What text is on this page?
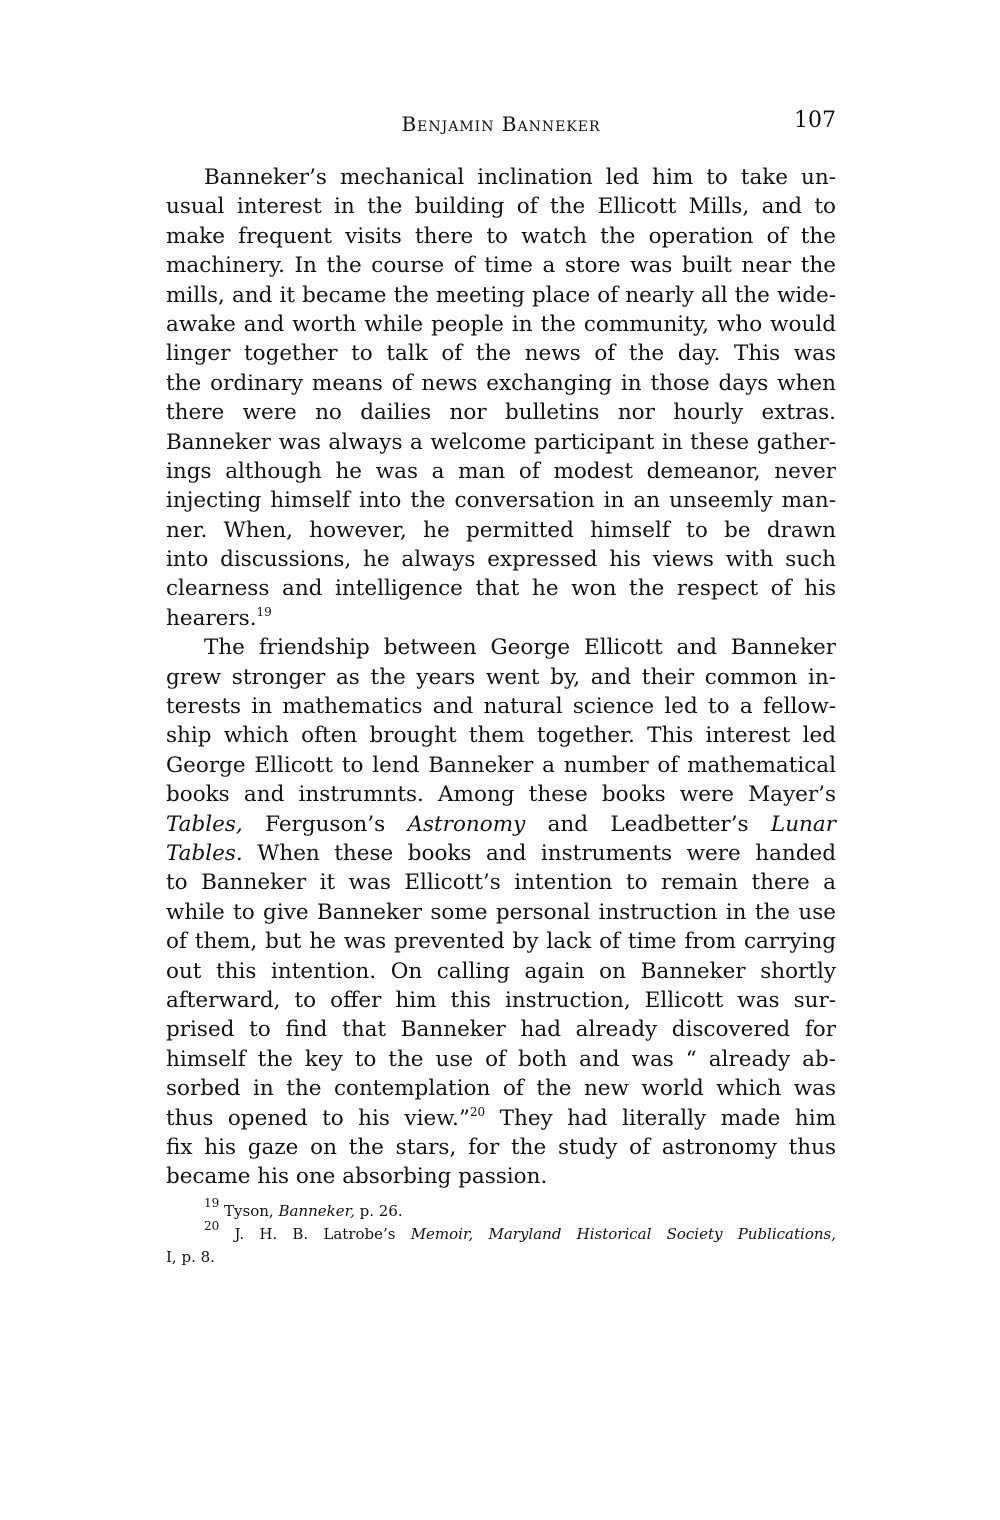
Benjamin Banneker	107
Banneker’s mechanical inclination led him to take un-
usual interest in the building of the Ellicott Mills, and to
make frequent visits there to watch the operation of the
machinery. In the course of time a store was built near the
mills, and it became the meeting place of nearly all the wide-
awake and worth while people in the community, who would
linger together to talk of the news of the day. This was
the ordinary means of news exchanging in those days when
there were no dailies nor bulletins nor hourly extras.
Banneker was always a welcome participant in these gather-
ings although he was a man of modest demeanor, never
injecting himself into the conversation in an unseemly man-
ner. When, however, he permitted himself to be drawn
into discussions, he always expressed his views with such
clearness and intelligence that he won the respect of his
hearers.$^{19}$
The friendship between George Ellicott and Banneker
grew stronger as the years went by, and their common in-
terests in mathematics and natural science led to a fellow-
ship which often brought them together. This interest led
George Ellicott to lend Banneker a number of mathematical
books and instrumnts. Among these books were Mayer’s
Tables, Ferguson’s Astronomy and Leadbetter’s Lunar
Tables. When these books and instruments were handed
to Banneker it was Ellicott’s intention to remain there a
while to give Banneker some personal instruction in the use
of them, but he was prevented by lack of time from carrying
out this intention. On calling again on Banneker shortly
afterward, to offer him this instruction, Ellicott was sur-
prised to find that Banneker had already discovered for
himself the key to the use of both and was “ already ab-
sorbed in the contemplation of the new world which was
thus opened to his view.”$^{20}$ They had literally made him
fix his gaze on the stars, for the study of astronomy thus
became his one absorbing passion.
$^{19}$ Tyson, Banneker, p. 26.
$^{20}$ J. H. B. Latrobe’s Memoir, Maryland Historical Society Publications,
I, p. 8.
